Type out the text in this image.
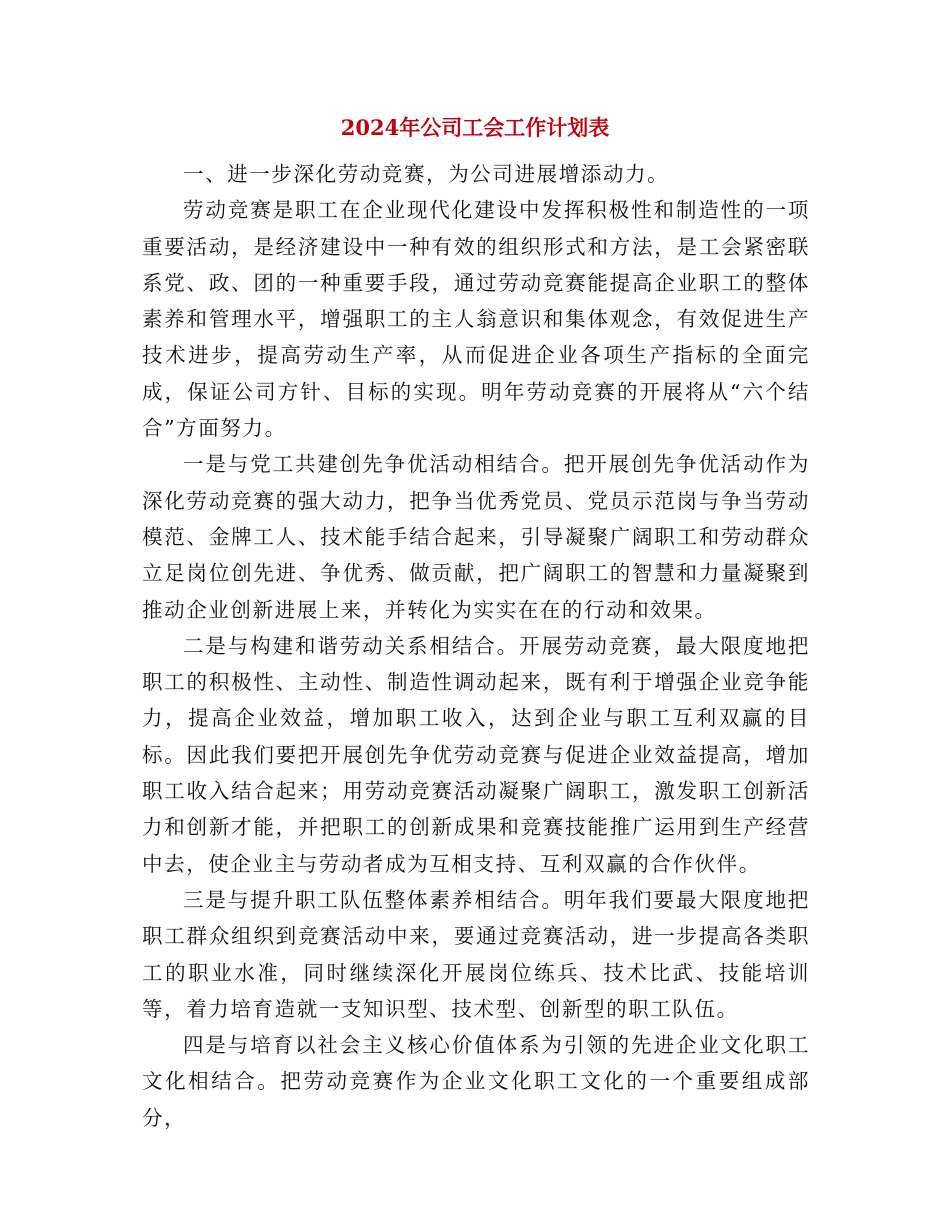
2024年公司工会工作计划表

一、进一步深化劳动竞赛，为公司进展增添动力。

劳动竞赛是职工在企业现代化建设中发挥积极性和制造性的一项重要活动，是经济建设中一种有效的组织形式和方法，是工会紧密联系党、政、团的一种重要手段，通过劳动竞赛能提高企业职工的整体素养和管理水平，增强职工的主人翁意识和集体观念，有效促进生产技术进步，提高劳动生产率，从而促进企业各项生产指标的全面完成，保证公司方针、目标的实现。明年劳动竞赛的开展将从“六个结合”方面努力。

一是与党工共建创先争优活动相结合。把开展创先争优活动作为深化劳动竞赛的强大动力，把争当优秀党员、党员示范岗与争当劳动模范、金牌工人、技术能手结合起来，引导凝聚广阔职工和劳动群众立足岗位创先进、争优秀、做贡献，把广阔职工的智慧和力量凝聚到推动企业创新进展上来，并转化为实实在在的行动和效果。

二是与构建和谐劳动关系相结合。开展劳动竞赛，最大限度地把职工的积极性、主动性、制造性调动起来，既有利于增强企业竞争能力，提高企业效益，增加职工收入，达到企业与职工互利双赢的目标。因此我们要把开展创先争优劳动竞赛与促进企业效益提高，增加职工收入结合起来；用劳动竞赛活动凝聚广阔职工，激发职工创新活力和创新才能，并把职工的创新成果和竞赛技能推广运用到生产经营中去，使企业主与劳动者成为互相支持、互利双赢的合作伙伴。

三是与提升职工队伍整体素养相结合。明年我们要最大限度地把职工群众组织到竞赛活动中来，要通过竞赛活动，进一步提高各类职工的职业水准，同时继续深化开展岗位练兵、技术比武、技能培训等，着力培育造就一支知识型、技术型、创新型的职工队伍。

四是与培育以社会主义核心价值体系为引领的先进企业文化职工文化相结合。把劳动竞赛作为企业文化职工文化的一个重要组成部分，
